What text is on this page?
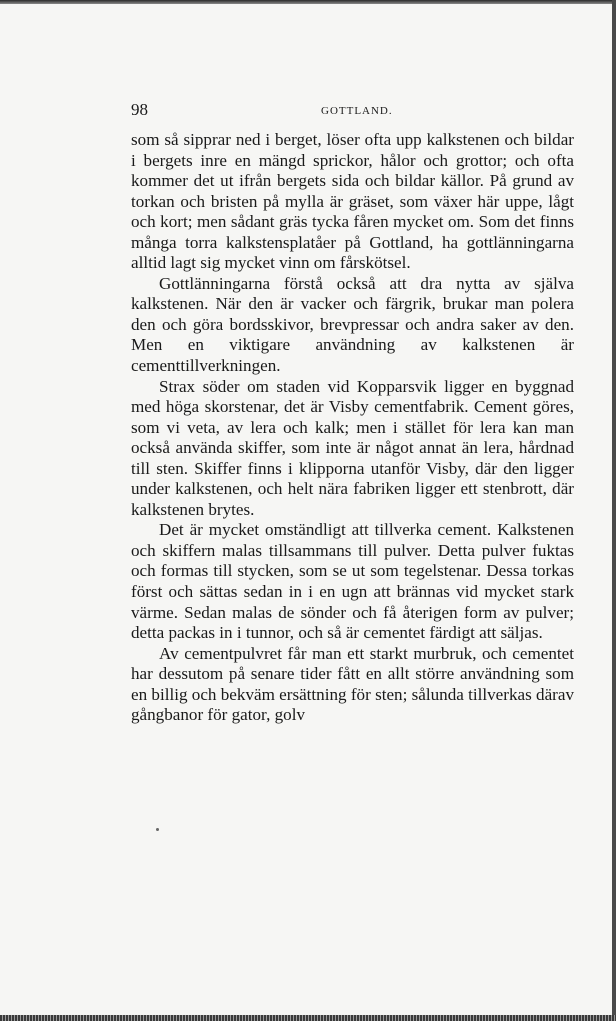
98	GOTTLAND.

som så sipprar ned i berget, löser ofta upp kalkstenen och bildar i bergets inre en mängd sprickor, hålor och grottor; och ofta kommer det ut ifrån bergets sida och bildar källor. På grund av torkan och bristen på mylla är gräset, som växer här uppe, lågt och kort; men sådant gräs tycka fåren mycket om. Som det finns många torra kalkstensplatåer på Gottland, ha gottlänningarna alltid lagt sig mycket vinn om fårskötsel.

Gottlänningarna förstå också att dra nytta av själva kalkstenen. När den är vacker och färgrik, brukar man polera den och göra bordsskivor, brevpressar och andra saker av den. Men en viktigare användning av kalkstenen är cementtillverkningen.

Strax söder om staden vid Kopparsvik ligger en byggnad med höga skorstenar, det är Visby cementfabrik. Cement göres, som vi veta, av lera och kalk; men i stället för lera kan man också använda skiffer, som inte är något annat än lera, hårdnad till sten. Skiffer finns i klipporna utanför Visby, där den ligger under kalkstenen, och helt nära fabriken ligger ett stenbrott, där kalkstenen brytes.

Det är mycket omständligt att tillverka cement. Kalkstenen och skiffern malas tillsammans till pulver. Detta pulver fuktas och formas till stycken, som se ut som tegelstenar. Dessa torkas först och sättas sedan in i en ugn att brännas vid mycket stark värme. Sedan malas de sönder och få återigen form av pulver; detta packas in i tunnor, och så är cementet färdigt att säljas.

Av cementpulvret får man ett starkt murbruk, och cementet har dessutom på senare tider fått en allt större användning som en billig och bekväm ersättning för sten; sålunda tillverkas därav gångbanor för gator, golv
